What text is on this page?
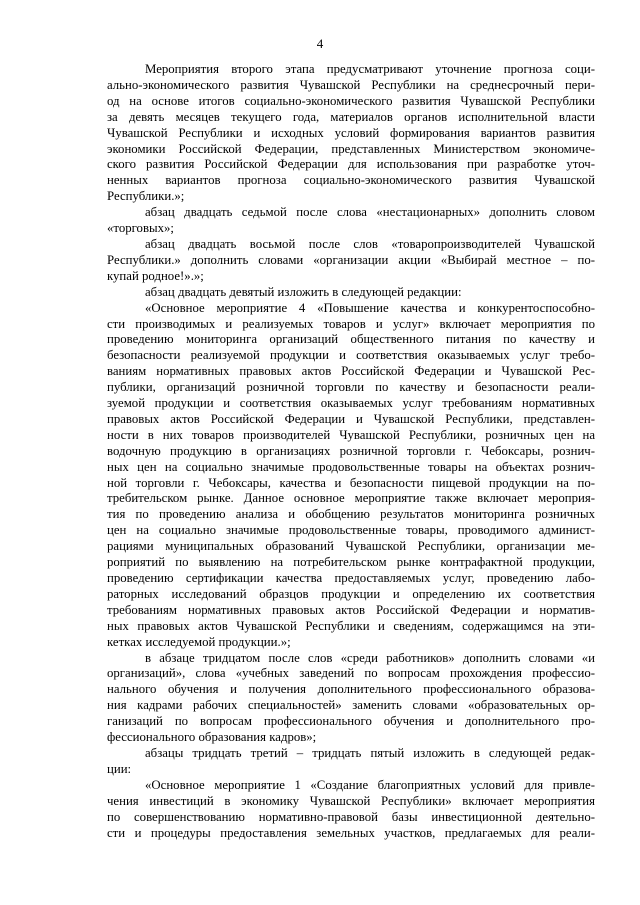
4
Мероприятия второго этапа предусматривают уточнение прогноза соци-
ально-экономического развития Чувашской Республики на среднесрочный пери-
од на основе итогов социально-экономического развития Чувашской Республики
за девять месяцев текущего года, материалов органов исполнительной власти
Чувашской Республики и исходных условий формирования вариантов развития
экономики Российской Федерации, представленных Министерством экономиче-
ского развития Российской Федерации для использования при разработке уточ-
ненных вариантов прогноза социально-экономического развития Чувашской
Республики.»;
абзац двадцать седьмой после слова «нестационарных» дополнить словом
«торговых»;
абзац двадцать восьмой после слов «товаропроизводителей Чувашской
Республики.» дополнить словами «организации акции «Выбирай местное – по-
купай родное!».»;
абзац двадцать девятый изложить в следующей редакции:
«Основное мероприятие 4 «Повышение качества и конкурентоспособно-
сти производимых и реализуемых товаров и услуг» включает мероприятия по
проведению мониторинга организаций общественного питания по качеству и
безопасности реализуемой продукции и соответствия оказываемых услуг требо-
ваниям нормативных правовых актов Российской Федерации и Чувашской Рес-
публики, организаций розничной торговли по качеству и безопасности реали-
зуемой продукции и соответствия оказываемых услуг требованиям нормативных
правовых актов Российской Федерации и Чувашской Республики, представлен-
ности в них товаров производителей Чувашской Республики, розничных цен на
водочную продукцию в организациях розничной торговли г. Чебоксары, рознич-
ных цен на социально значимые продовольственные товары на объектах рознич-
ной торговли г. Чебоксары, качества и безопасности пищевой продукции на по-
требительском рынке. Данное основное мероприятие также включает мероприя-
тия по проведению анализа и обобщению результатов мониторинга розничных
цен на социально значимые продовольственные товары, проводимого админист-
рациями муниципальных образований Чувашской Республики, организации ме-
роприятий по выявлению на потребительском рынке контрафактной продукции,
проведению сертификации качества предоставляемых услуг, проведению лабо-
раторных исследований образцов продукции и определению их соответствия
требованиям нормативных правовых актов Российской Федерации и норматив-
ных правовых актов Чувашской Республики и сведениям, содержащимся на эти-
кетках исследуемой продукции.»;
в абзаце тридцатом после слов «среди работников» дополнить словами «и
организаций», слова «учебных заведений по вопросам прохождения профессио-
нального обучения и получения дополнительного профессионального образова-
ния кадрами рабочих специальностей» заменить словами «образовательных ор-
ганизаций по вопросам профессионального обучения и дополнительного про-
фессионального образования кадров»;
абзацы тридцать третий – тридцать пятый изложить в следующей редак-
ции:
«Основное мероприятие 1 «Создание благоприятных условий для привле-
чения инвестиций в экономику Чувашской Республики» включает мероприятия
по совершенствованию нормативно-правовой базы инвестиционной деятельно-
сти и процедуры предоставления земельных участков, предлагаемых для реали-
